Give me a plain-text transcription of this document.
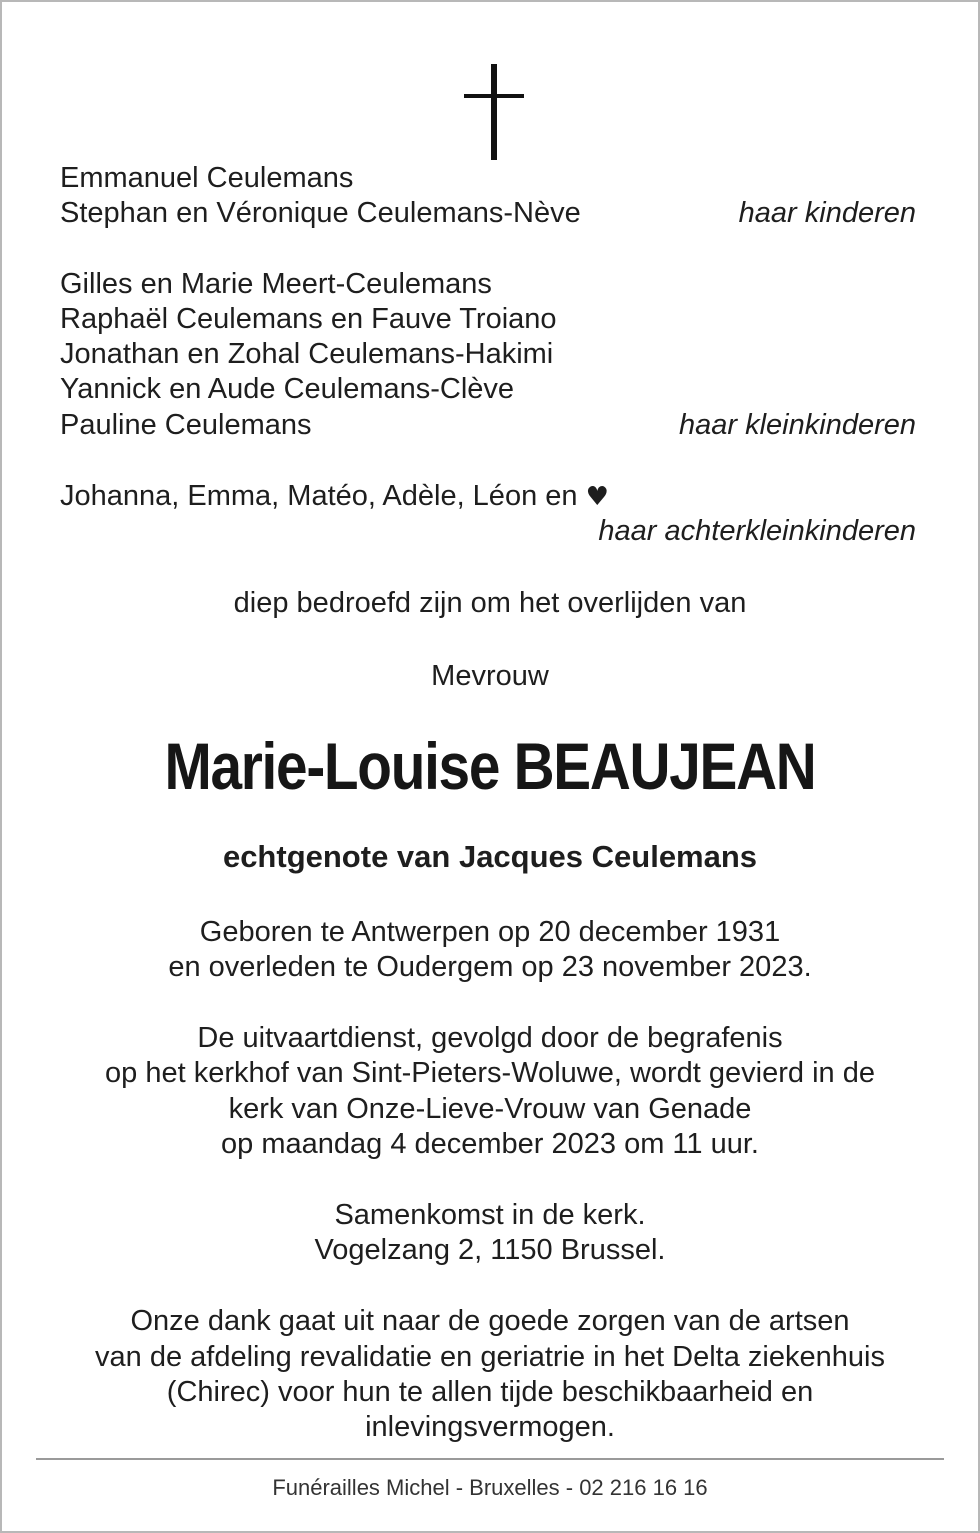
Emmanuel Ceulemans
Stephan en Véronique Ceulemans-Nève	haar kinderen
Gilles en Marie Meert-Ceulemans
Raphaël Ceulemans en Fauve Troiano
Jonathan en Zohal Ceulemans-Hakimi
Yannick en Aude Ceulemans-Clève
Pauline Ceulemans	haar kleinkinderen
Johanna, Emma, Matéo, Adèle, Léon en ♥
haar achterkleinkinderen
diep bedroefd zijn om het overlijden van
Mevrouw
Marie-Louise BEAUJEAN
echtgenote van Jacques Ceulemans
Geboren te Antwerpen op 20 december 1931
en overleden te Oudergem op 23 november 2023.
De uitvaartdienst, gevolgd door de begrafenis
op het kerkhof van Sint-Pieters-Woluwe, wordt gevierd in de
kerk van Onze-Lieve-Vrouw van Genade
op maandag 4 december 2023 om 11 uur.
Samenkomst in de kerk.
Vogelzang 2, 1150 Brussel.
Onze dank gaat uit naar de goede zorgen van de artsen
van de afdeling revalidatie en geriatrie in het Delta ziekenhuis
(Chirec) voor hun te allen tijde beschikbaarheid en
inlevingsvermogen.
Funérailles Michel - Bruxelles - 02 216 16 16
